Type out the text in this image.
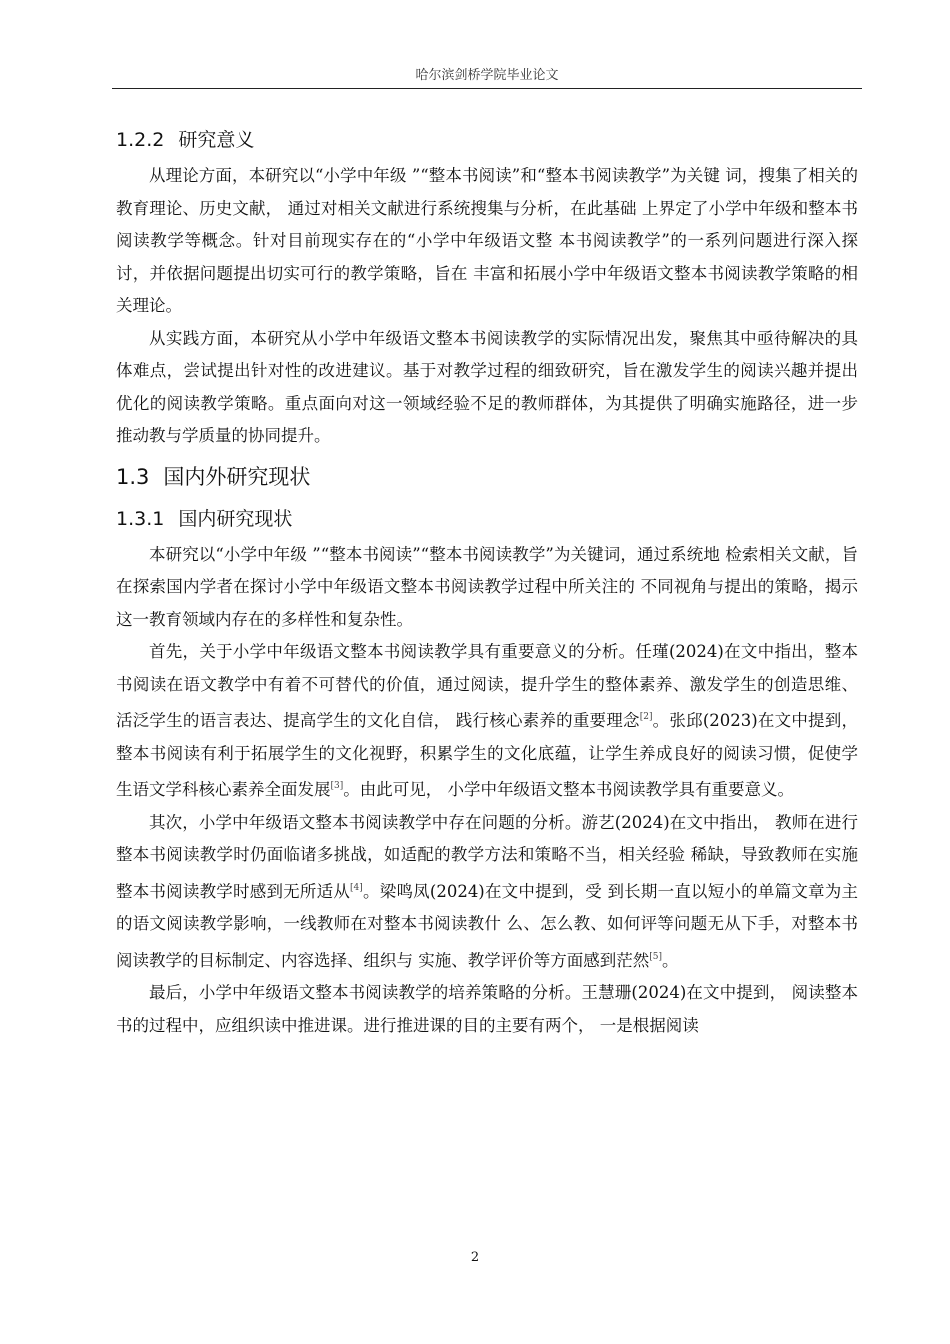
哈尔滨剑桥学院毕业论文
1.2.2 研究意义

从理论方面，本研究以“小学中年级 ”“整本书阅读”和“整本书阅读教学”为关键 词，搜集了相关的教育理论、历史文献， 通过对相关文献进行系统搜集与分析，在此基础 上界定了小学中年级和整本书阅读教学等概念。针对目前现实存在的“小学中年级语文整 本书阅读教学”的一系列问题进行深入探讨，并依据问题提出切实可行的教学策略，旨在 丰富和拓展小学中年级语文整本书阅读教学策略的相关理论。

从实践方面，本研究从小学中年级语文整本书阅读教学的实际情况出发，聚焦其中亟待解决的具体难点，尝试提出针对性的改进建议。基于对教学过程的细致研究，旨在激发学生的阅读兴趣并提出优化的阅读教学策略。重点面向对这一领域经验不足的教师群体，为其提供了明确实施路径，进一步推动教与学质量的协同提升。

1.3 国内外研究现状
1.3.1 国内研究现状

本研究以“小学中年级 ”“整本书阅读”“整本书阅读教学”为关键词，通过系统地 检索相关文献，旨在探索国内学者在探讨小学中年级语文整本书阅读教学过程中所关注的 不同视角与提出的策略，揭示这一教育领域内存在的多样性和复杂性。

首先，关于小学中年级语文整本书阅读教学具有重要意义的分析。任瑾(2024)在文中指出，整本书阅读在语文教学中有着不可替代的价值，通过阅读，提升学生的整体素养、激发学生的创造思维、活泛学生的语言表达、提高学生的文化自信， 践行核心素养的重要理念[2]。张邱(2023)在文中提到，整本书阅读有利于拓展学生的文化视野，积累学生的文化底蕴，让学生养成良好的阅读习惯，促使学生语文学科核心素养全面发展[3]。由此可见， 小学中年级语文整本书阅读教学具有重要意义。

其次，小学中年级语文整本书阅读教学中存在问题的分析。游艺(2024)在文中指出， 教师在进行整本书阅读教学时仍面临诸多挑战，如适配的教学方法和策略不当，相关经验 稀缺，导致教师在实施整本书阅读教学时感到无所适从[4]。梁鸣凤(2024)在文中提到，受 到长期一直以短小的单篇文章为主的语文阅读教学影响，一线教师在对整本书阅读教什 么、怎么教、如何评等问题无从下手，对整本书阅读教学的目标制定、内容选择、组织与 实施、教学评价等方面感到茫然[5]。

最后，小学中年级语文整本书阅读教学的培养策略的分析。王慧珊(2024)在文中提到， 阅读整本书的过程中，应组织读中推进课。进行推进课的目的主要有两个， 一是根据阅读

2
